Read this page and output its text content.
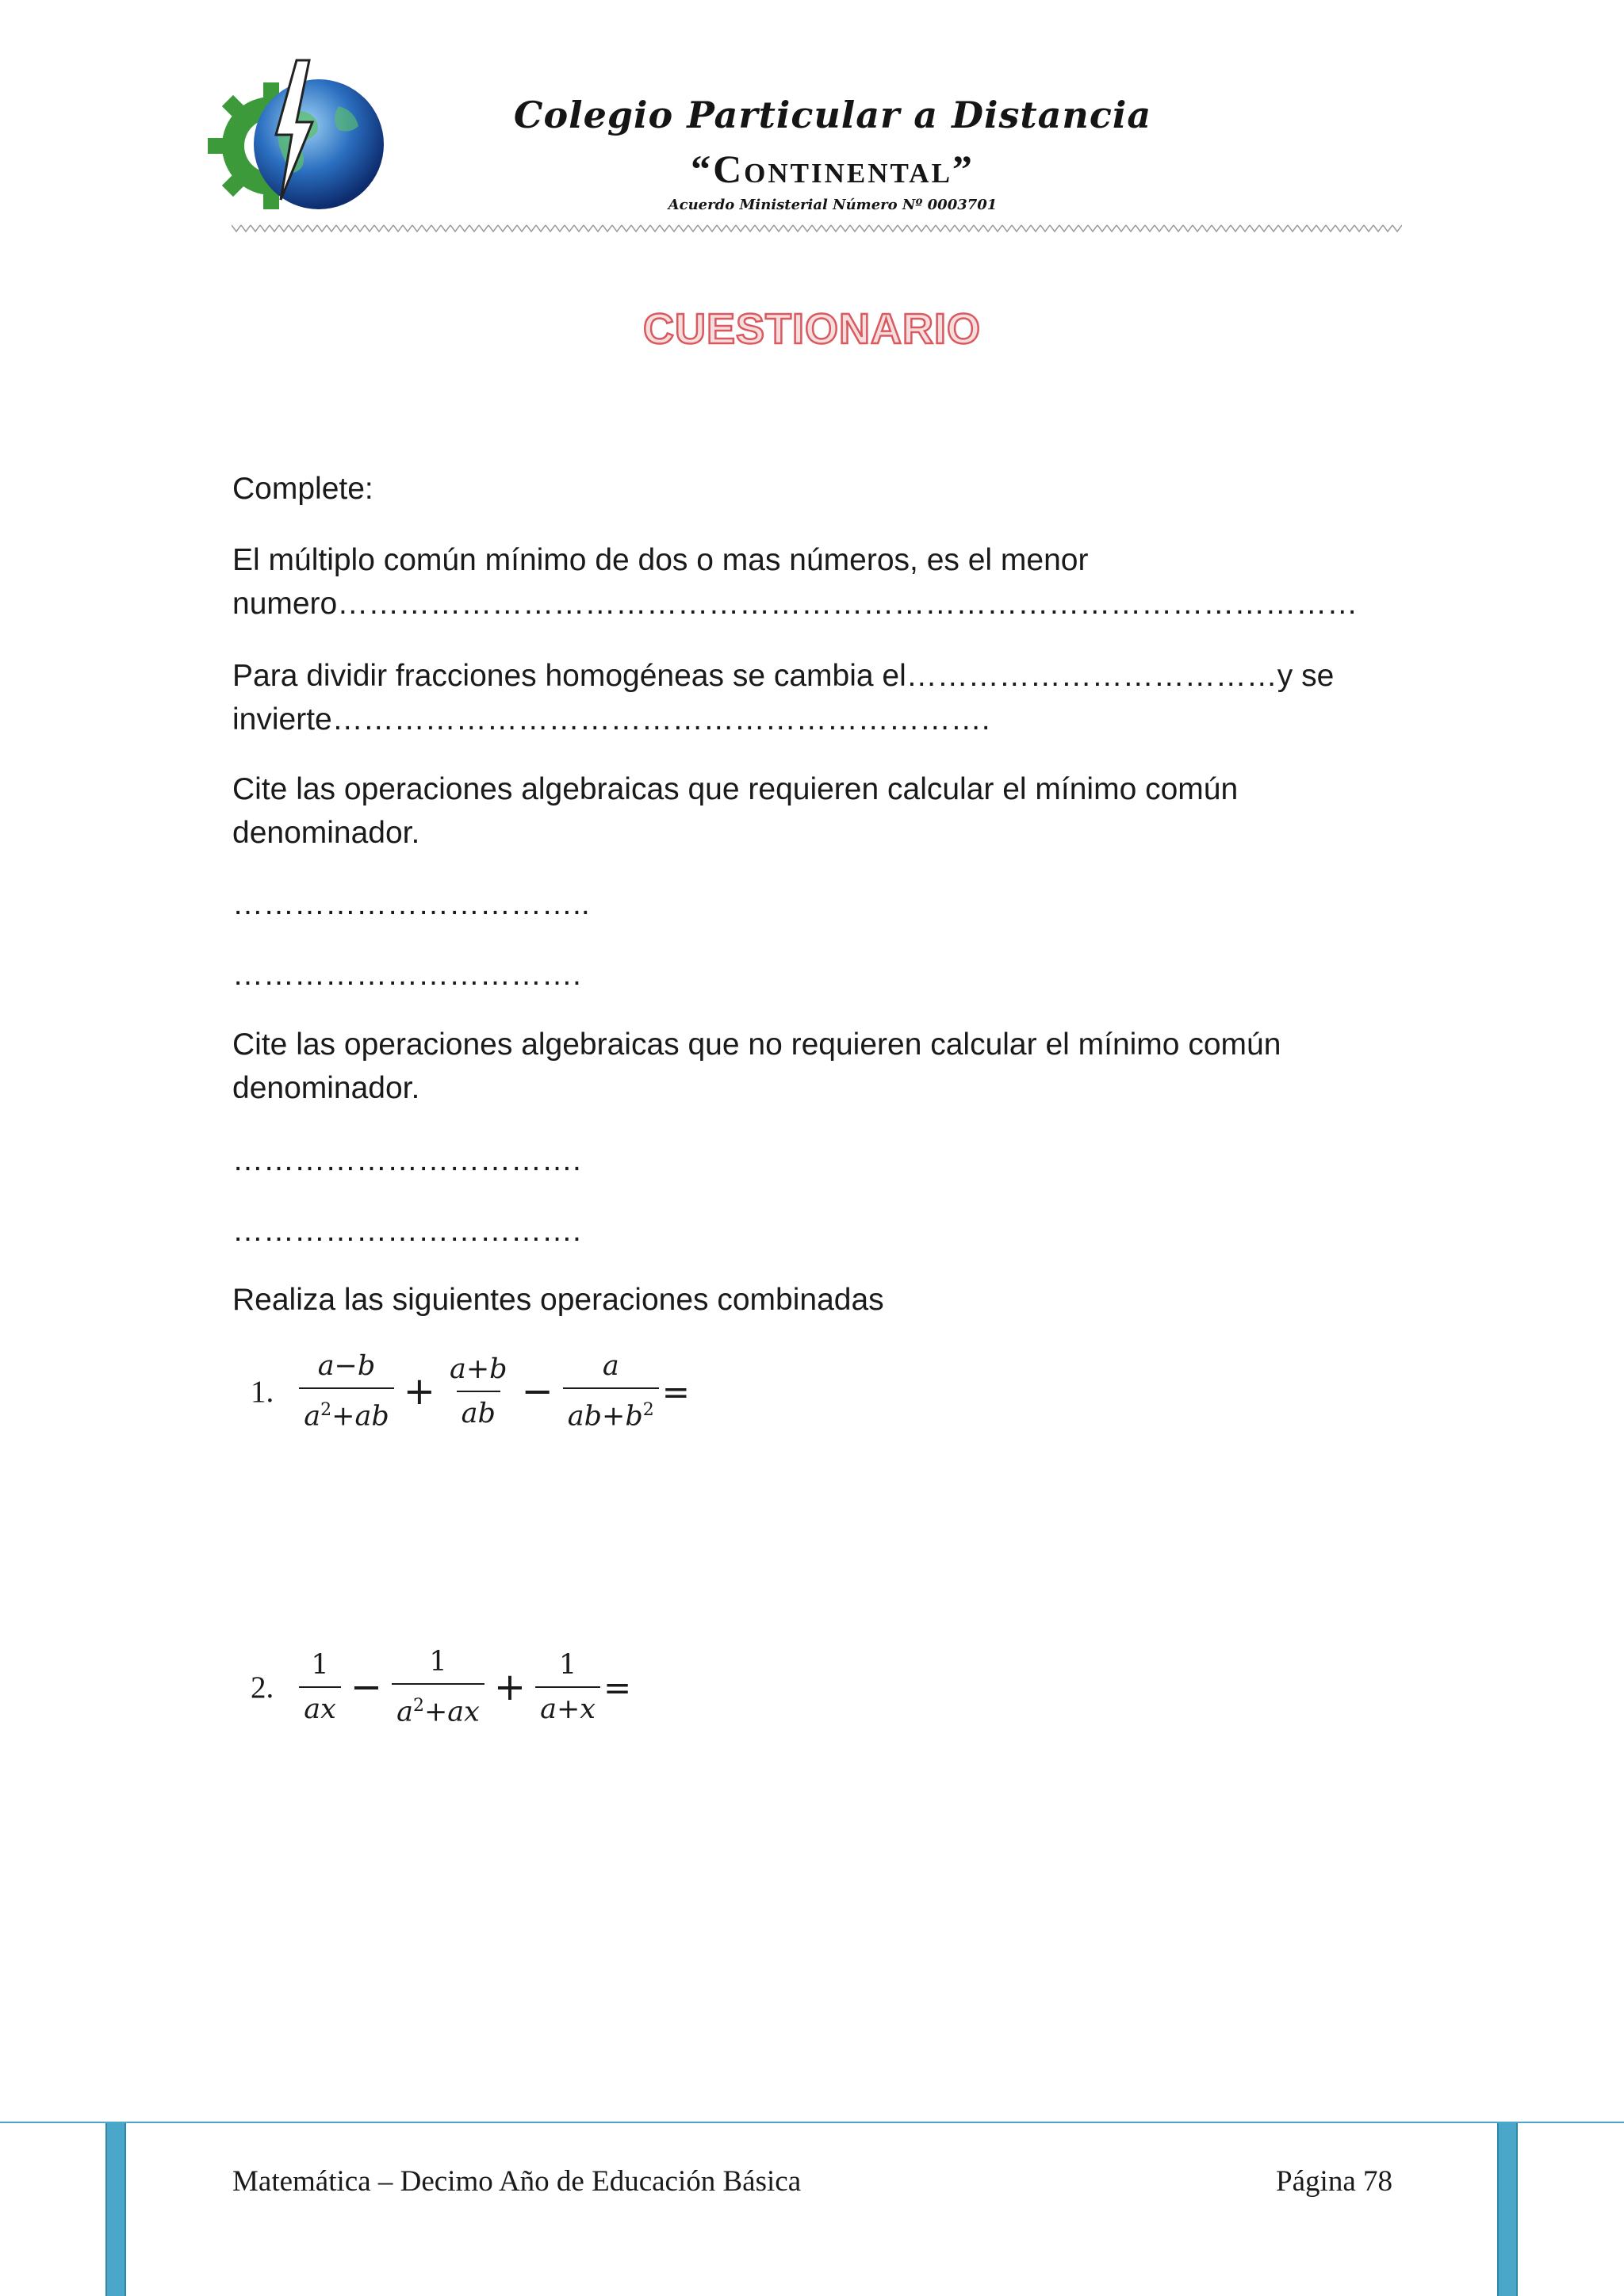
Colegio Particular a Distancia
“Continental”
Acuerdo Ministerial Número Nº 0003701
CUESTIONARIO

Complete:

El múltiplo común mínimo de dos o mas números, es el menor numero………………………………………………………………………………………

Para dividir fracciones homogéneas se cambia el………………………………y se invierte……………………………………………………….

Cite las operaciones algebraicas que requieren calcular el mínimo común denominador.

……………………………..

…………………………….

Cite las operaciones algebraicas que no requieren calcular el mínimo común denominador.

…………………………….

…………………………….

Realiza las siguientes operaciones combinadas

1. $\frac{a-b}{a^2+ab} + \frac{a+b}{ab} - \frac{a}{ab+b^2}$ =
2. $\frac{1}{ax} - \frac{1}{a^2+ax} + \frac{1}{a+x}$ =
Matemática – Decimo Año de Educación Básica	Página 78
